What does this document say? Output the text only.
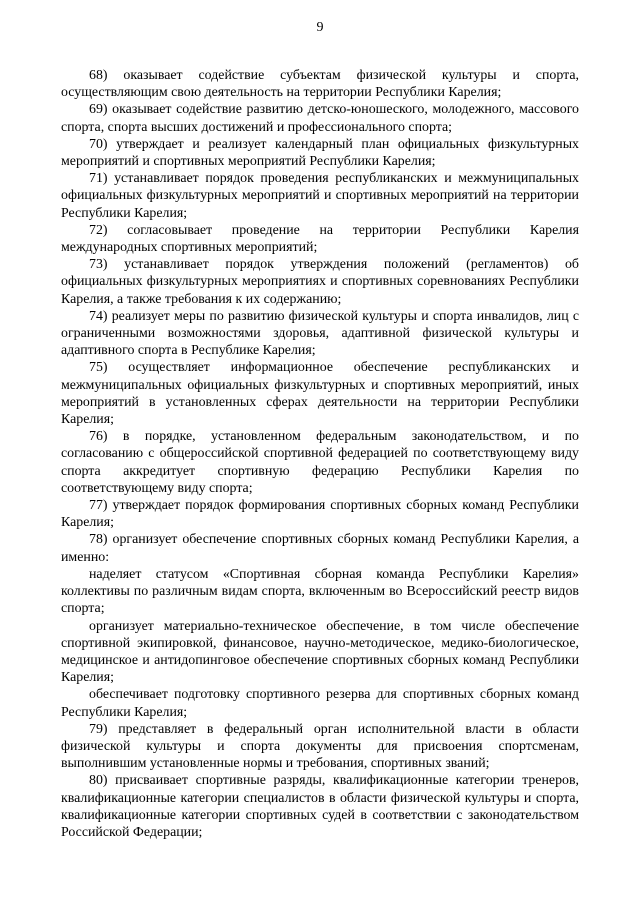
9

68) оказывает содействие субъектам физической культуры и спорта, осуществляющим свою деятельность на территории Республики Карелия;

69) оказывает содействие развитию детско-юношеского, молодежного, массового спорта, спорта высших достижений и профессионального спорта;

70) утверждает и реализует календарный план официальных физкультурных мероприятий и спортивных мероприятий Республики Карелия;

71) устанавливает порядок проведения республиканских и межмуниципальных официальных физкультурных мероприятий и спортивных мероприятий на территории Республики Карелия;

72) согласовывает проведение на территории Республики Карелия международных спортивных мероприятий;

73) устанавливает порядок утверждения положений (регламентов) об официальных физкультурных мероприятиях и спортивных соревнованиях Республики Карелия, а также требования к их содержанию;

74) реализует меры по развитию физической культуры и спорта инвалидов, лиц с ограниченными возможностями здоровья, адаптивной физической культуры и адаптивного спорта в Республике Карелия;

75) осуществляет информационное обеспечение республиканских и межмуниципальных официальных физкультурных и спортивных мероприятий, иных мероприятий в установленных сферах деятельности на территории Республики Карелия;

76) в порядке, установленном федеральным законодательством, и по согласованию с общероссийской спортивной федерацией по соответствующему виду спорта аккредитует спортивную федерацию Республики Карелия по соответствующему виду спорта;

77) утверждает порядок формирования спортивных сборных команд Республики Карелия;

78) организует обеспечение спортивных сборных команд Республики Карелия, а именно:

наделяет статусом «Спортивная сборная команда Республики Карелия» коллективы по различным видам спорта, включенным во Всероссийский реестр видов спорта;

организует материально-техническое обеспечение, в том числе обеспечение спортивной экипировкой, финансовое, научно-методическое, медико-биологическое, медицинское и антидопинговое обеспечение спортивных сборных команд Республики Карелия;

обеспечивает подготовку спортивного резерва для спортивных сборных команд Республики Карелия;

79) представляет в федеральный орган исполнительной власти в области физической культуры и спорта документы для присвоения спортсменам, выполнившим установленные нормы и требования, спортивных званий;

80) присваивает спортивные разряды, квалификационные категории тренеров, квалификационные категории специалистов в области физической культуры и спорта, квалификационные категории спортивных судей в соответствии с законодательством Российской Федерации;
